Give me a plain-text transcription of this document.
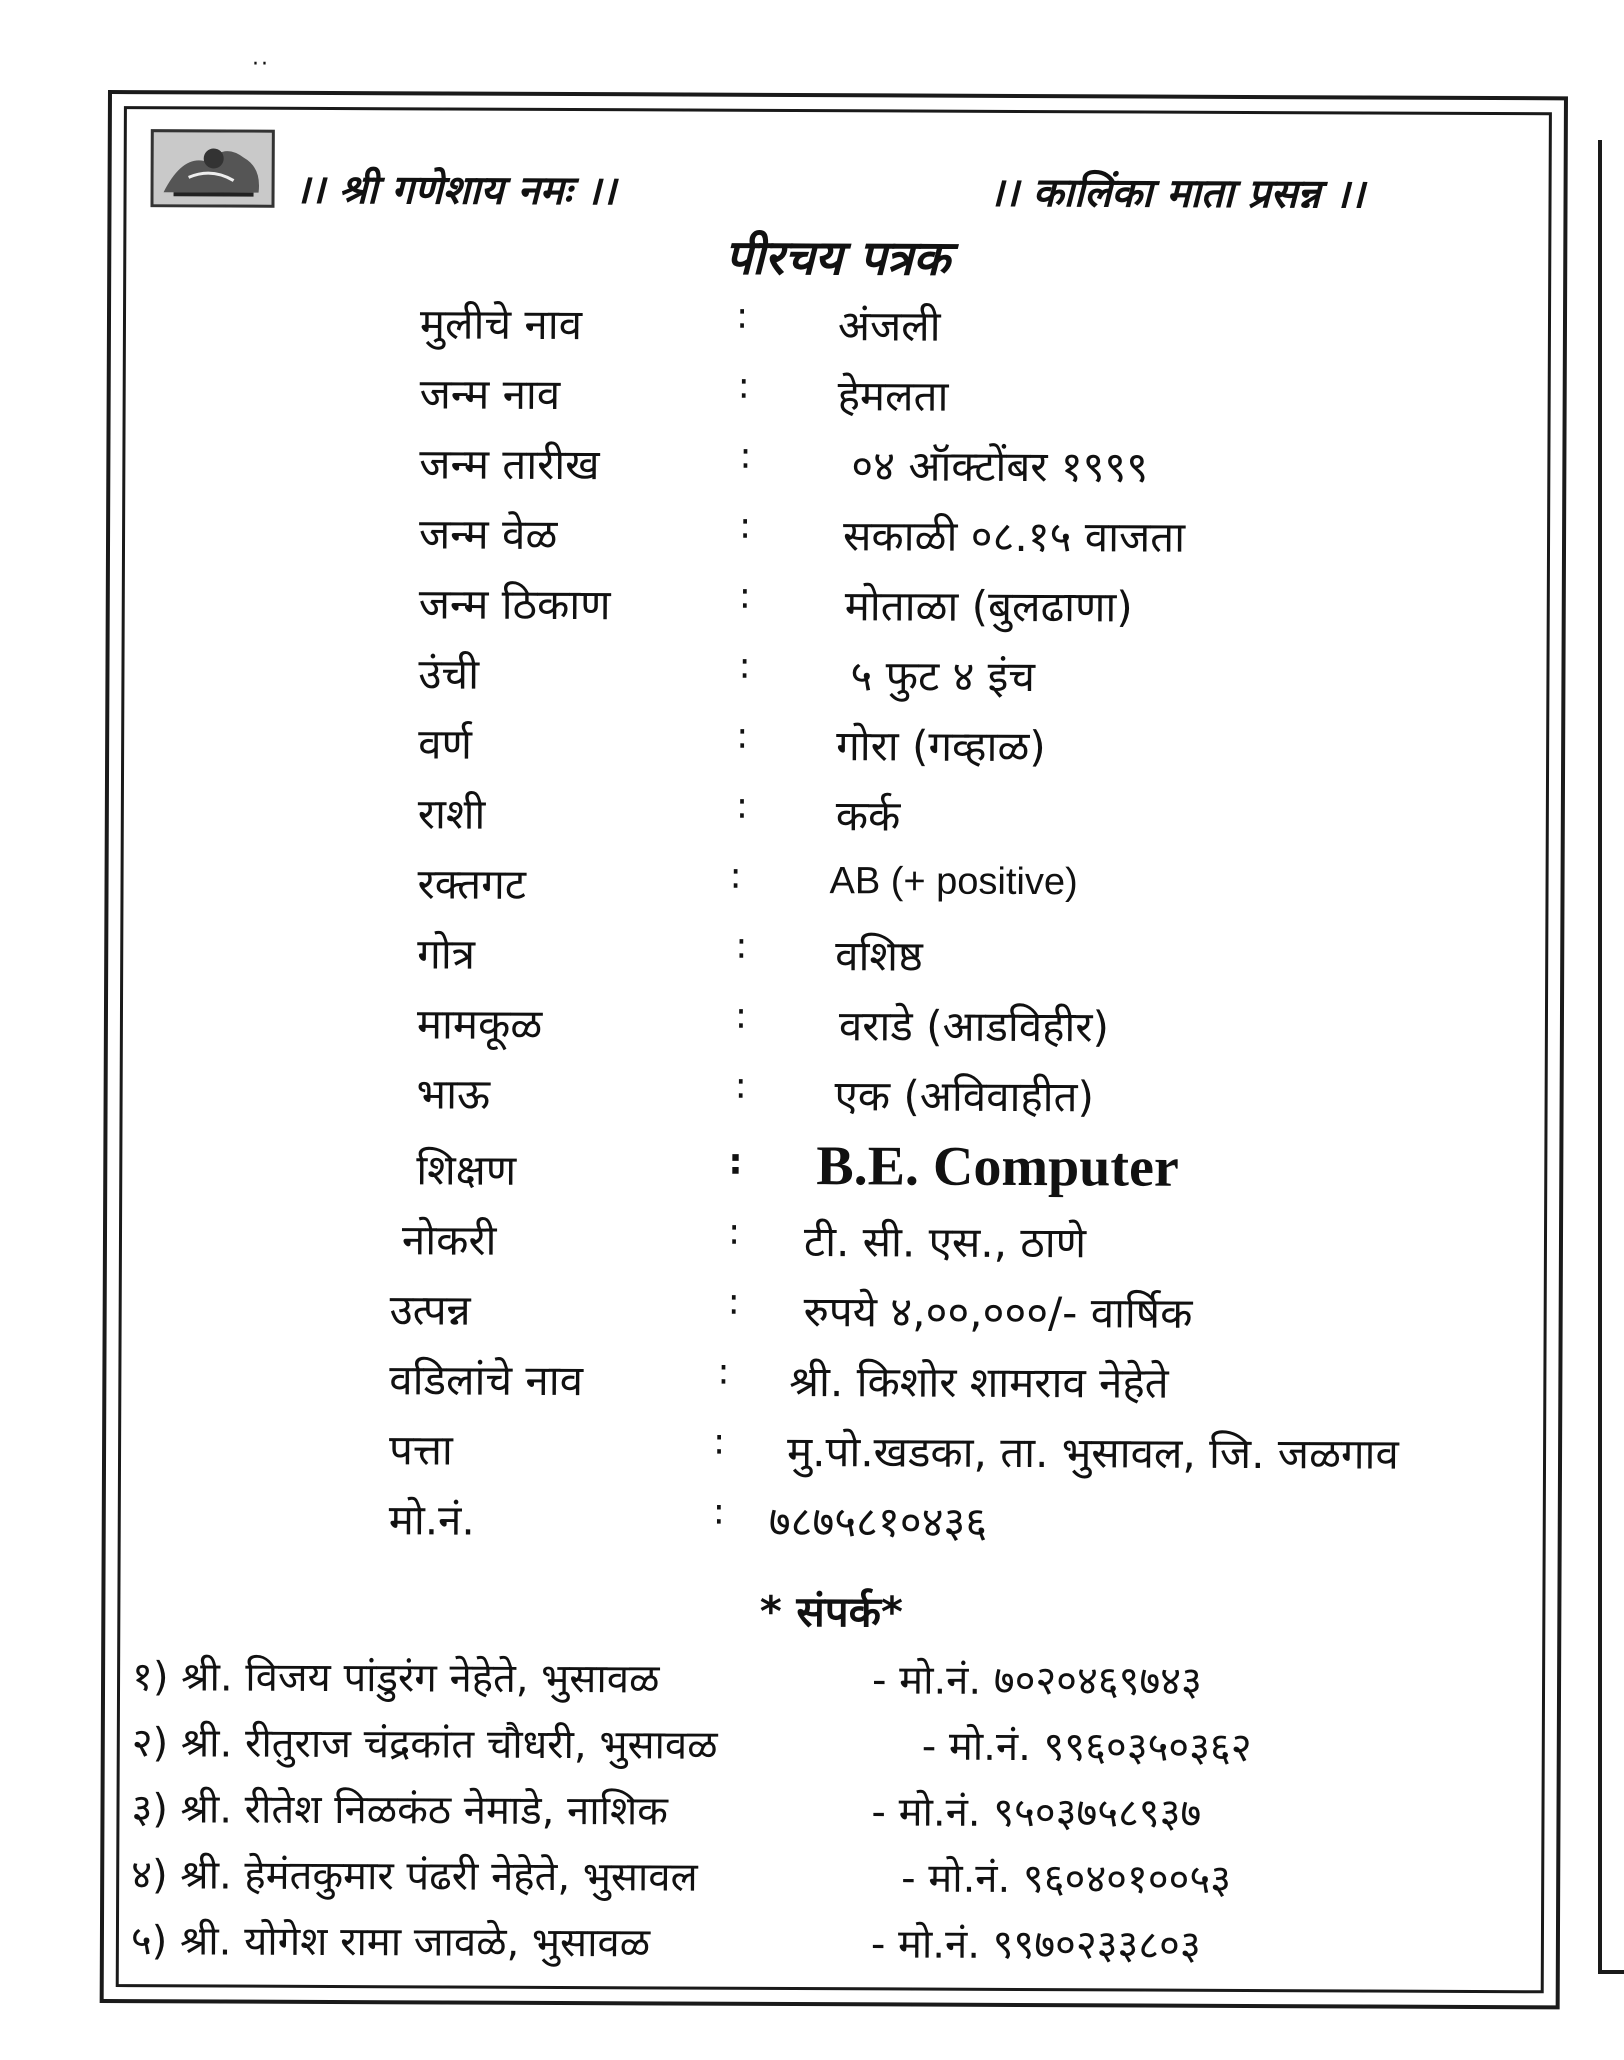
··
।। श्री गणेशाय नमः ।।	।। कालिंका माता प्रसन्न ।।
पीरचय पत्रक
मुलीचे नाव	: अंजली
जन्म नाव	: हेमलता
जन्म तारीख	: ०४ ऑक्टोंबर १९९९
जन्म वेळ	: सकाळी ०८.१५ वाजता
जन्म ठिकाण	: मोताळा (बुलढाणा)
उंची	: ५ फुट ४ इंच
वर्ण	: गोरा (गव्हाळ)
राशी	: कर्क
रक्तगट	: AB (+ positive)
गोत्र	: वशिष्ठ
मामकूळ	: वराडे (आडविहीर)
भाऊ	: एक (अविवाहीत)
शिक्षण	: B.E. Computer
नोकरी	: टी. सी. एस., ठाणे
उत्पन्न	: रुपये ४,००,०००/- वार्षिक
वडिलांचे नाव	: श्री. किशोर शामराव नेहेते
पत्ता	: मु.पो.खडका, ता. भुसावल, जि. जळगाव
मो.नं.	: ७८७५८१०४३६
* संपर्क*
१) श्री. विजय पांडुरंग नेहेते, भुसावळ	- मो.नं. ७०२०४६९७४३
२) श्री. रीतुराज चंद्रकांत चौधरी, भुसावळ	- मो.नं. ९९६०३५०३६२
३) श्री. रीतेश निळकंठ नेमाडे, नाशिक	- मो.नं. ९५०३७५८९३७
४) श्री. हेमंतकुमार पंढरी नेहेते, भुसावल	- मो.नं. ९६०४०१००५३
५) श्री. योगेश रामा जावळे, भुसावळ	- मो.नं. ९९७०२३३८०३
